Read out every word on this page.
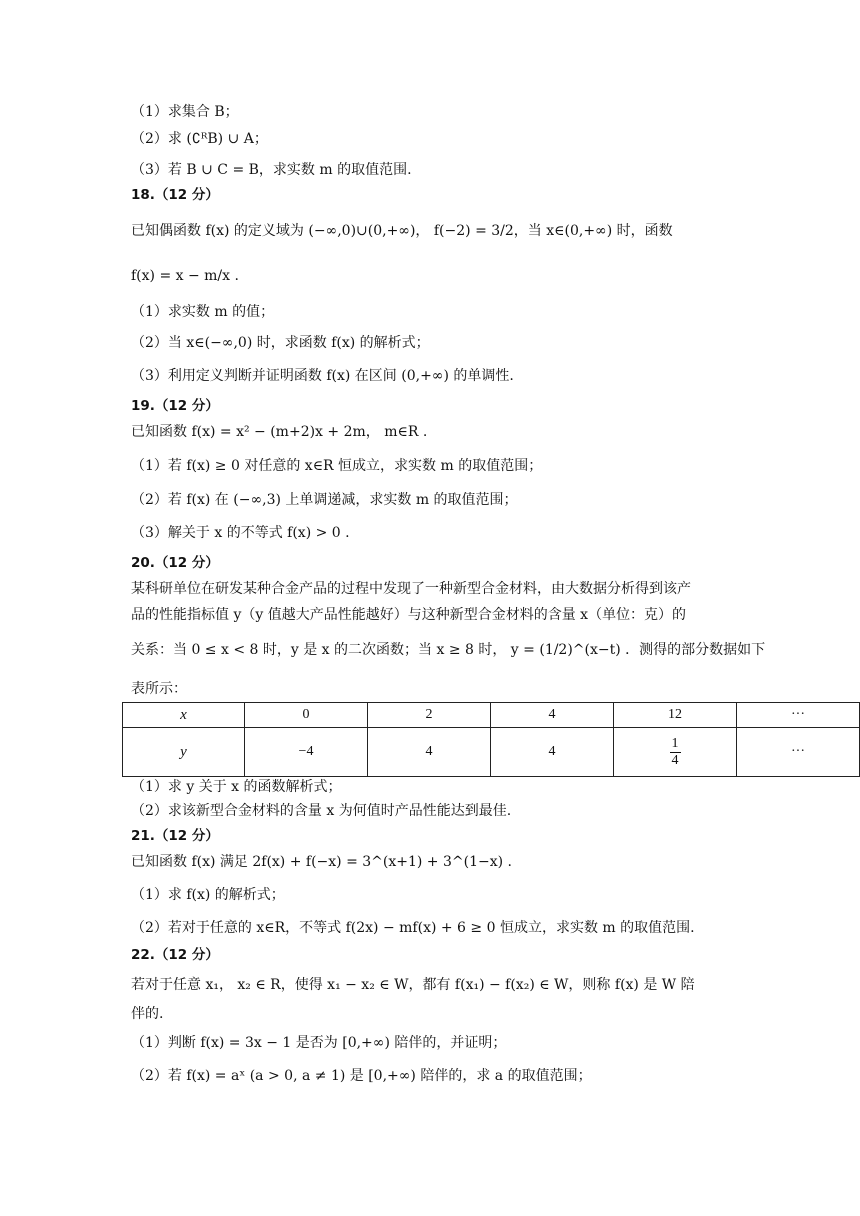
（1）求集合 B；
（2）求 (∁ᴿB) ∪ A；
（3）若 B ∪ C = B，求实数 m 的取值范围.
18.（12 分）
已知偶函数 f(x) 的定义域为 (−∞,0)∪(0,+∞)， f(−2) = 3/2，当 x∈(0,+∞) 时，函数
f(x) = x − m/x .
（1）求实数 m 的值；
（2）当 x∈(−∞,0) 时，求函数 f(x) 的解析式；
（3）利用定义判断并证明函数 f(x) 在区间 (0,+∞) 的单调性.
19.（12 分）
已知函数 f(x) = x² − (m+2)x + 2m， m∈R .
（1）若 f(x) ≥ 0 对任意的 x∈R 恒成立，求实数 m 的取值范围；
（2）若 f(x) 在 (−∞,3) 上单调递减，求实数 m 的取值范围；
（3）解关于 x 的不等式 f(x) > 0 .
20.（12 分）
某科研单位在研发某种合金产品的过程中发现了一种新型合金材料，由大数据分析得到该产
品的性能指标值 y（y 值越大产品性能越好）与这种新型合金材料的含量 x（单位：克）的
关系：当 0 ≤ x < 8 时，y 是 x 的二次函数；当 x ≥ 8 时， y = (1/2)^(x−t) ．测得的部分数据如下
表所示：
x	0	2	4	12	···
y	−4	4	4	$\frac{1}{4}$	···
（1）求 y 关于 x 的函数解析式；
（2）求该新型合金材料的含量 x 为何值时产品性能达到最佳.
21.（12 分）
已知函数 f(x) 满足 2f(x) + f(−x) = 3^(x+1) + 3^(1−x) .
（1）求 f(x) 的解析式；
（2）若对于任意的 x∈R，不等式 f(2x) − mf(x) + 6 ≥ 0 恒成立，求实数 m 的取值范围.
22.（12 分）
若对于任意 x₁， x₂ ∈ R，使得 x₁ − x₂ ∈ W，都有 f(x₁) − f(x₂) ∈ W，则称 f(x) 是 W 陪
伴的.
（1）判断 f(x) = 3x − 1 是否为 [0,+∞) 陪伴的，并证明；
（2）若 f(x) = aˣ (a > 0, a ≠ 1) 是 [0,+∞) 陪伴的，求 a 的取值范围；
